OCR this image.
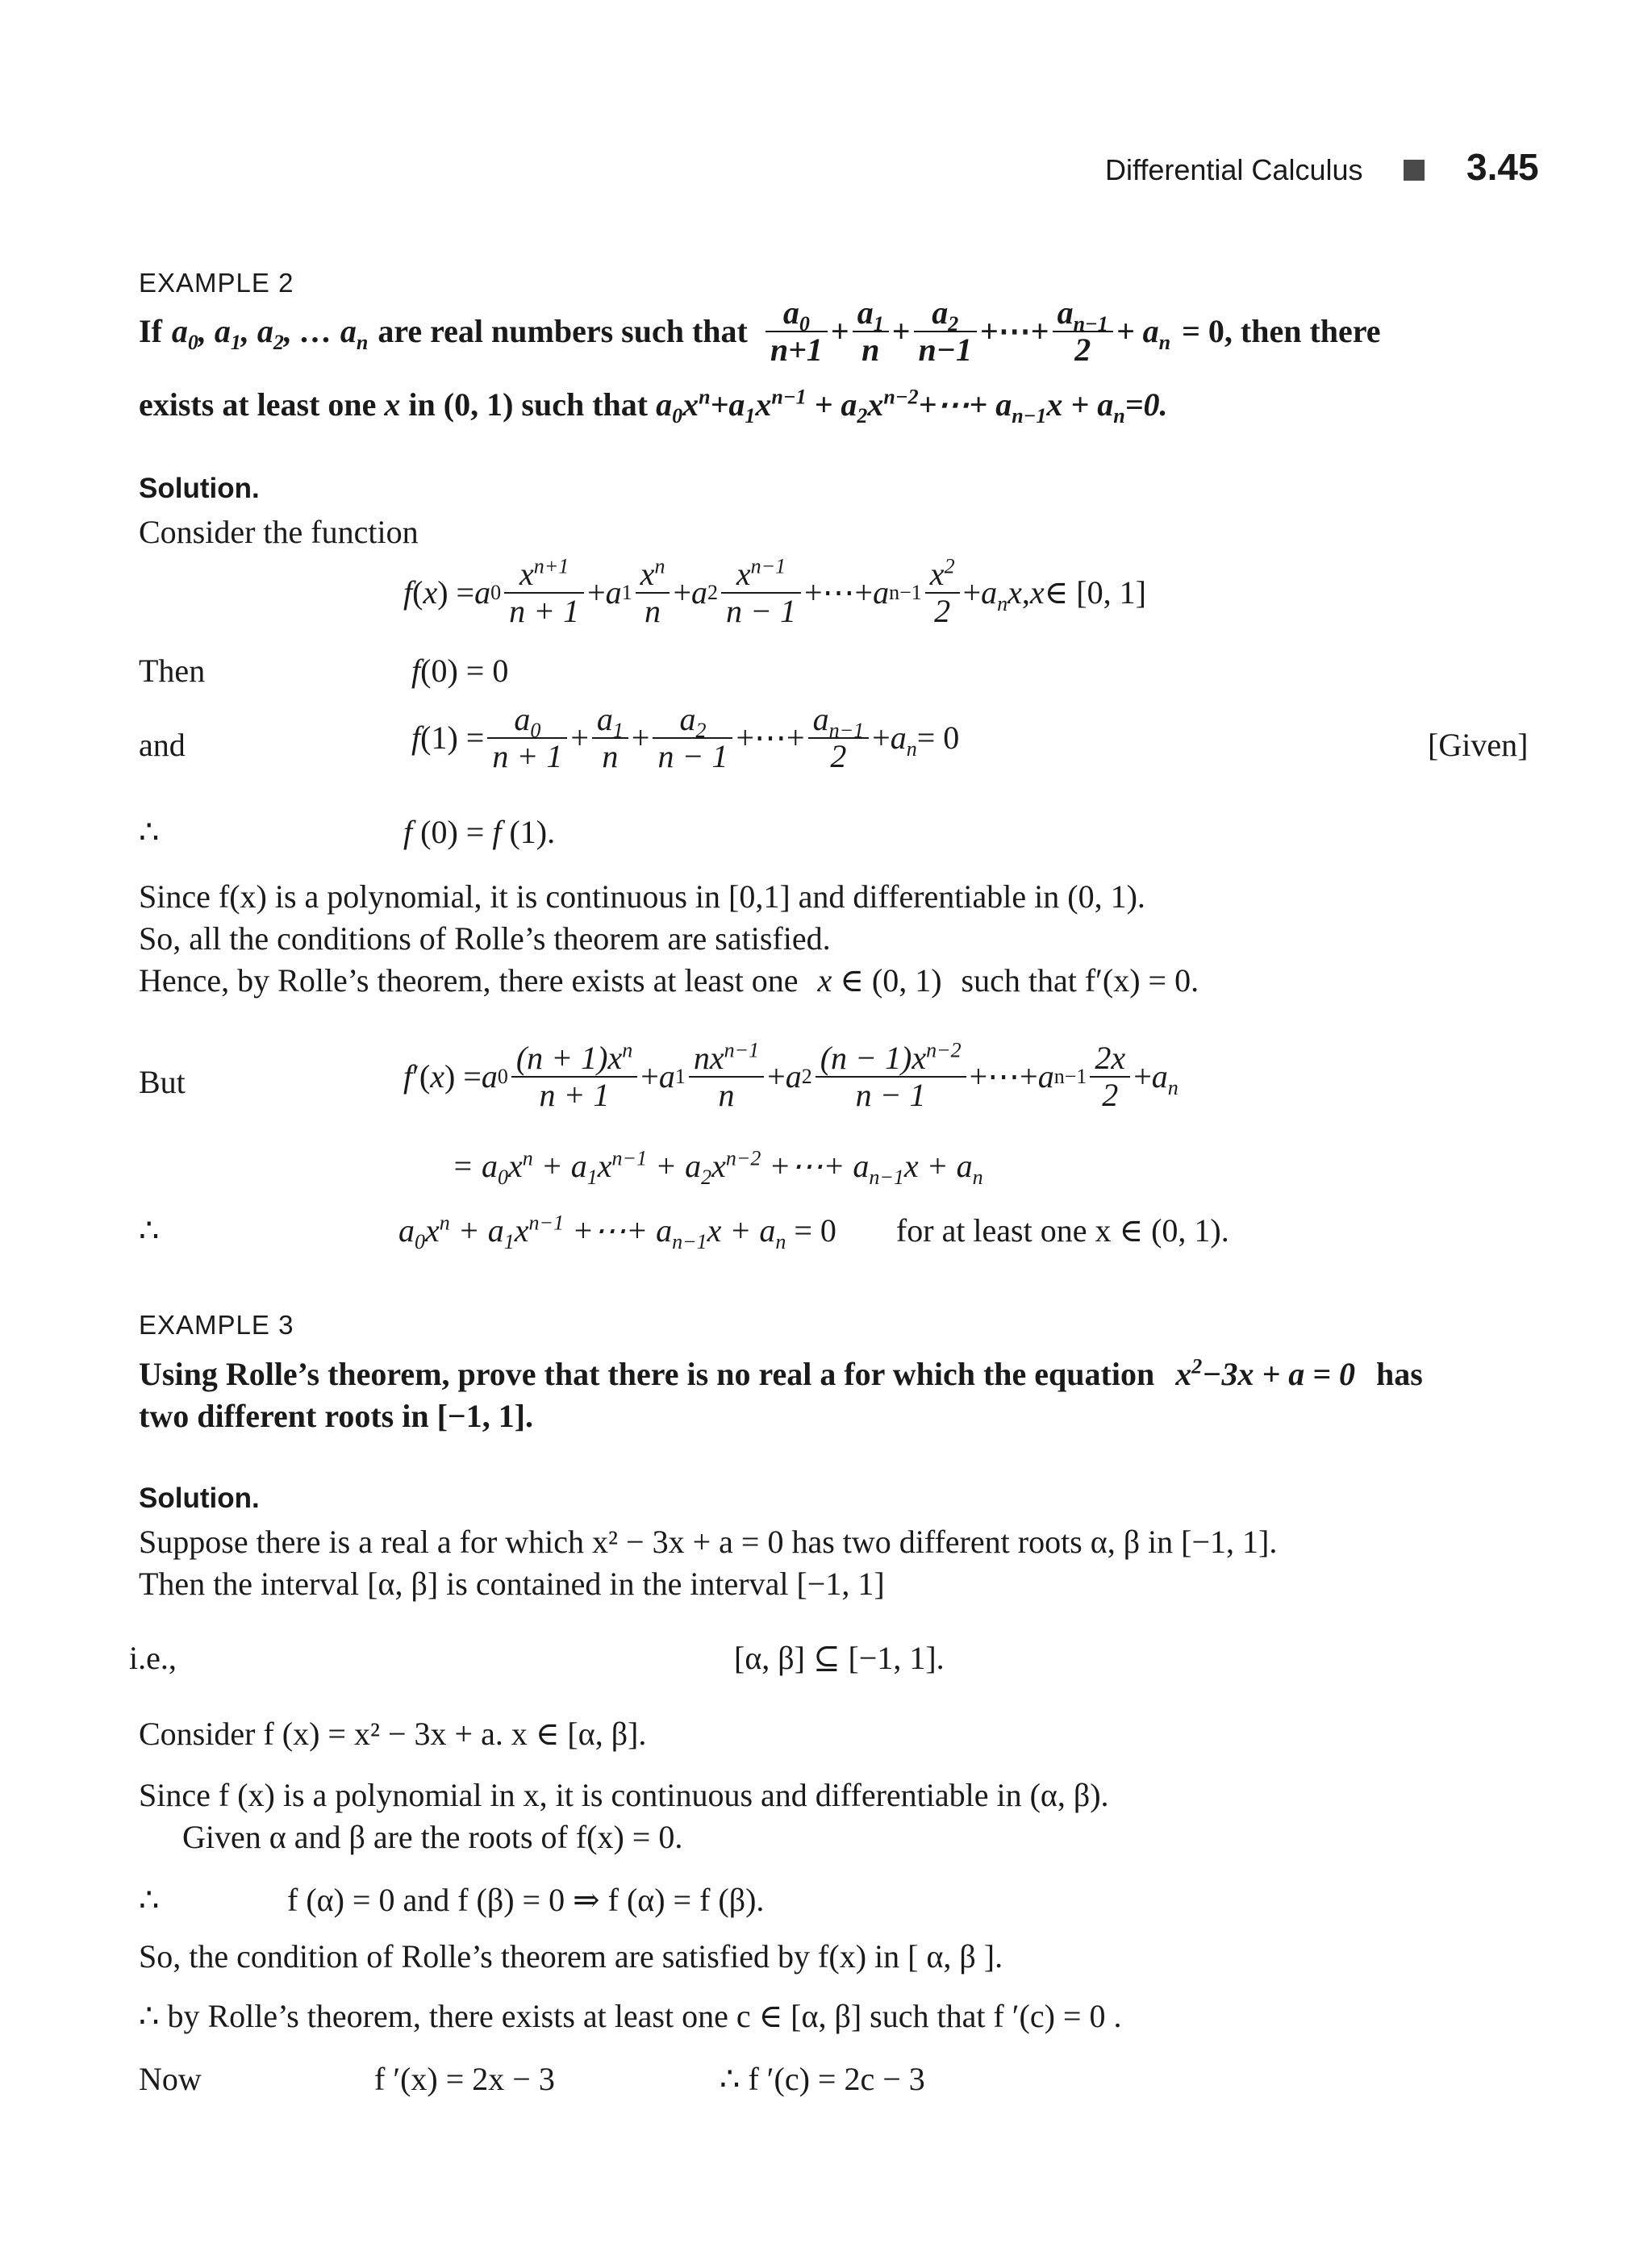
Differential Calculus	3.45
EXAMPLE 2
If $a_0$, $a_1$, $a_2$, … $a_n$ are real numbers such that $\frac{a_0}{n+1} + \frac{a_1}{n} + \frac{a_2}{n-1}$ +⋯+ $\frac{a_{n-1}}{2} + a_n = 0$, then there
exists at least one x in (0, 1) such that $a_0x^n+a_1x^{n-1}$ + $a_2x^{n-2}+\cdots+ a_{n-1}x + a_n=0$.
Solution.
Consider the function
f ( x ) = a $0 \frac{x^{n+1}}{n + 1} + a$ $1 \frac{x^n}{n} + a$ $2 \frac{x^{n-1}}{n - 1}$ +⋯+ a $n-1 \frac{x^2}{2} + a_nx$ , x ∈ [0, 1]
Then	f(0) = 0
and	f $(1) = \frac{a_0}{n + 1} + \frac{a_1}{n} + \frac{a_2}{n - 1}$ +⋯+ $\frac{a_{n-1}}{2} + a_n = 0$	[Given]
∴	f (0) = f (1).
Since f(x) is a polynomial, it is continuous in [0,1] and differentiable in (0, 1).
So, all the conditions of Rolle’s theorem are satisfied.
Hence, by Rolle’s theorem, there exists at least one x ∈ (0, 1) such that f′(x) = 0.
But	f ′( x ) = a $0 \frac{(n + 1)x^n}{n + 1} + a$ $1 \frac{nx^{n-1}}{n} + a$ $2 \frac{(n - 1)x^{n-2}}{n - 1}$ +⋯+ a $n-1 \frac{2x}{2} + a_n$
= $a_0x^n + a_1x^{n-1} + a_2x^{n-2}$ +⋯+ $a_{n-1}x + a_n$
∴	$a_0x^n + a_1x^{n-1}$ +⋯+ $a_{n-1}x + a_n = 0$ for at least one x ∈ (0, 1).
EXAMPLE 3
Using Rolle’s theorem, prove that there is no real a for which the equation $x^2-3x + a = 0$ has
two different roots in [−1, 1].
Solution.
Suppose there is a real a for which x² − 3x + a = 0 has two different roots α, β in [−1, 1].
Then the interval [α, β] is contained in the interval [−1, 1]
i.e.,	[α, β] ⊆ [−1, 1].
Consider f (x) = x² − 3x + a. x ∈ [α, β].
Since f (x) is a polynomial in x, it is continuous and differentiable in (α, β).
Given α and β are the roots of f(x) = 0.
∴	f (α) = 0 and f (β) = 0 ⇒ f (α) = f (β).
So, the condition of Rolle’s theorem are satisfied by f(x) in [ α, β ].
∴ by Rolle’s theorem, there exists at least one c ∈ [α, β] such that f ′(c) = 0 .
Now	f ′(x) = 2x − 3	∴ f ′(c) = 2c − 3
